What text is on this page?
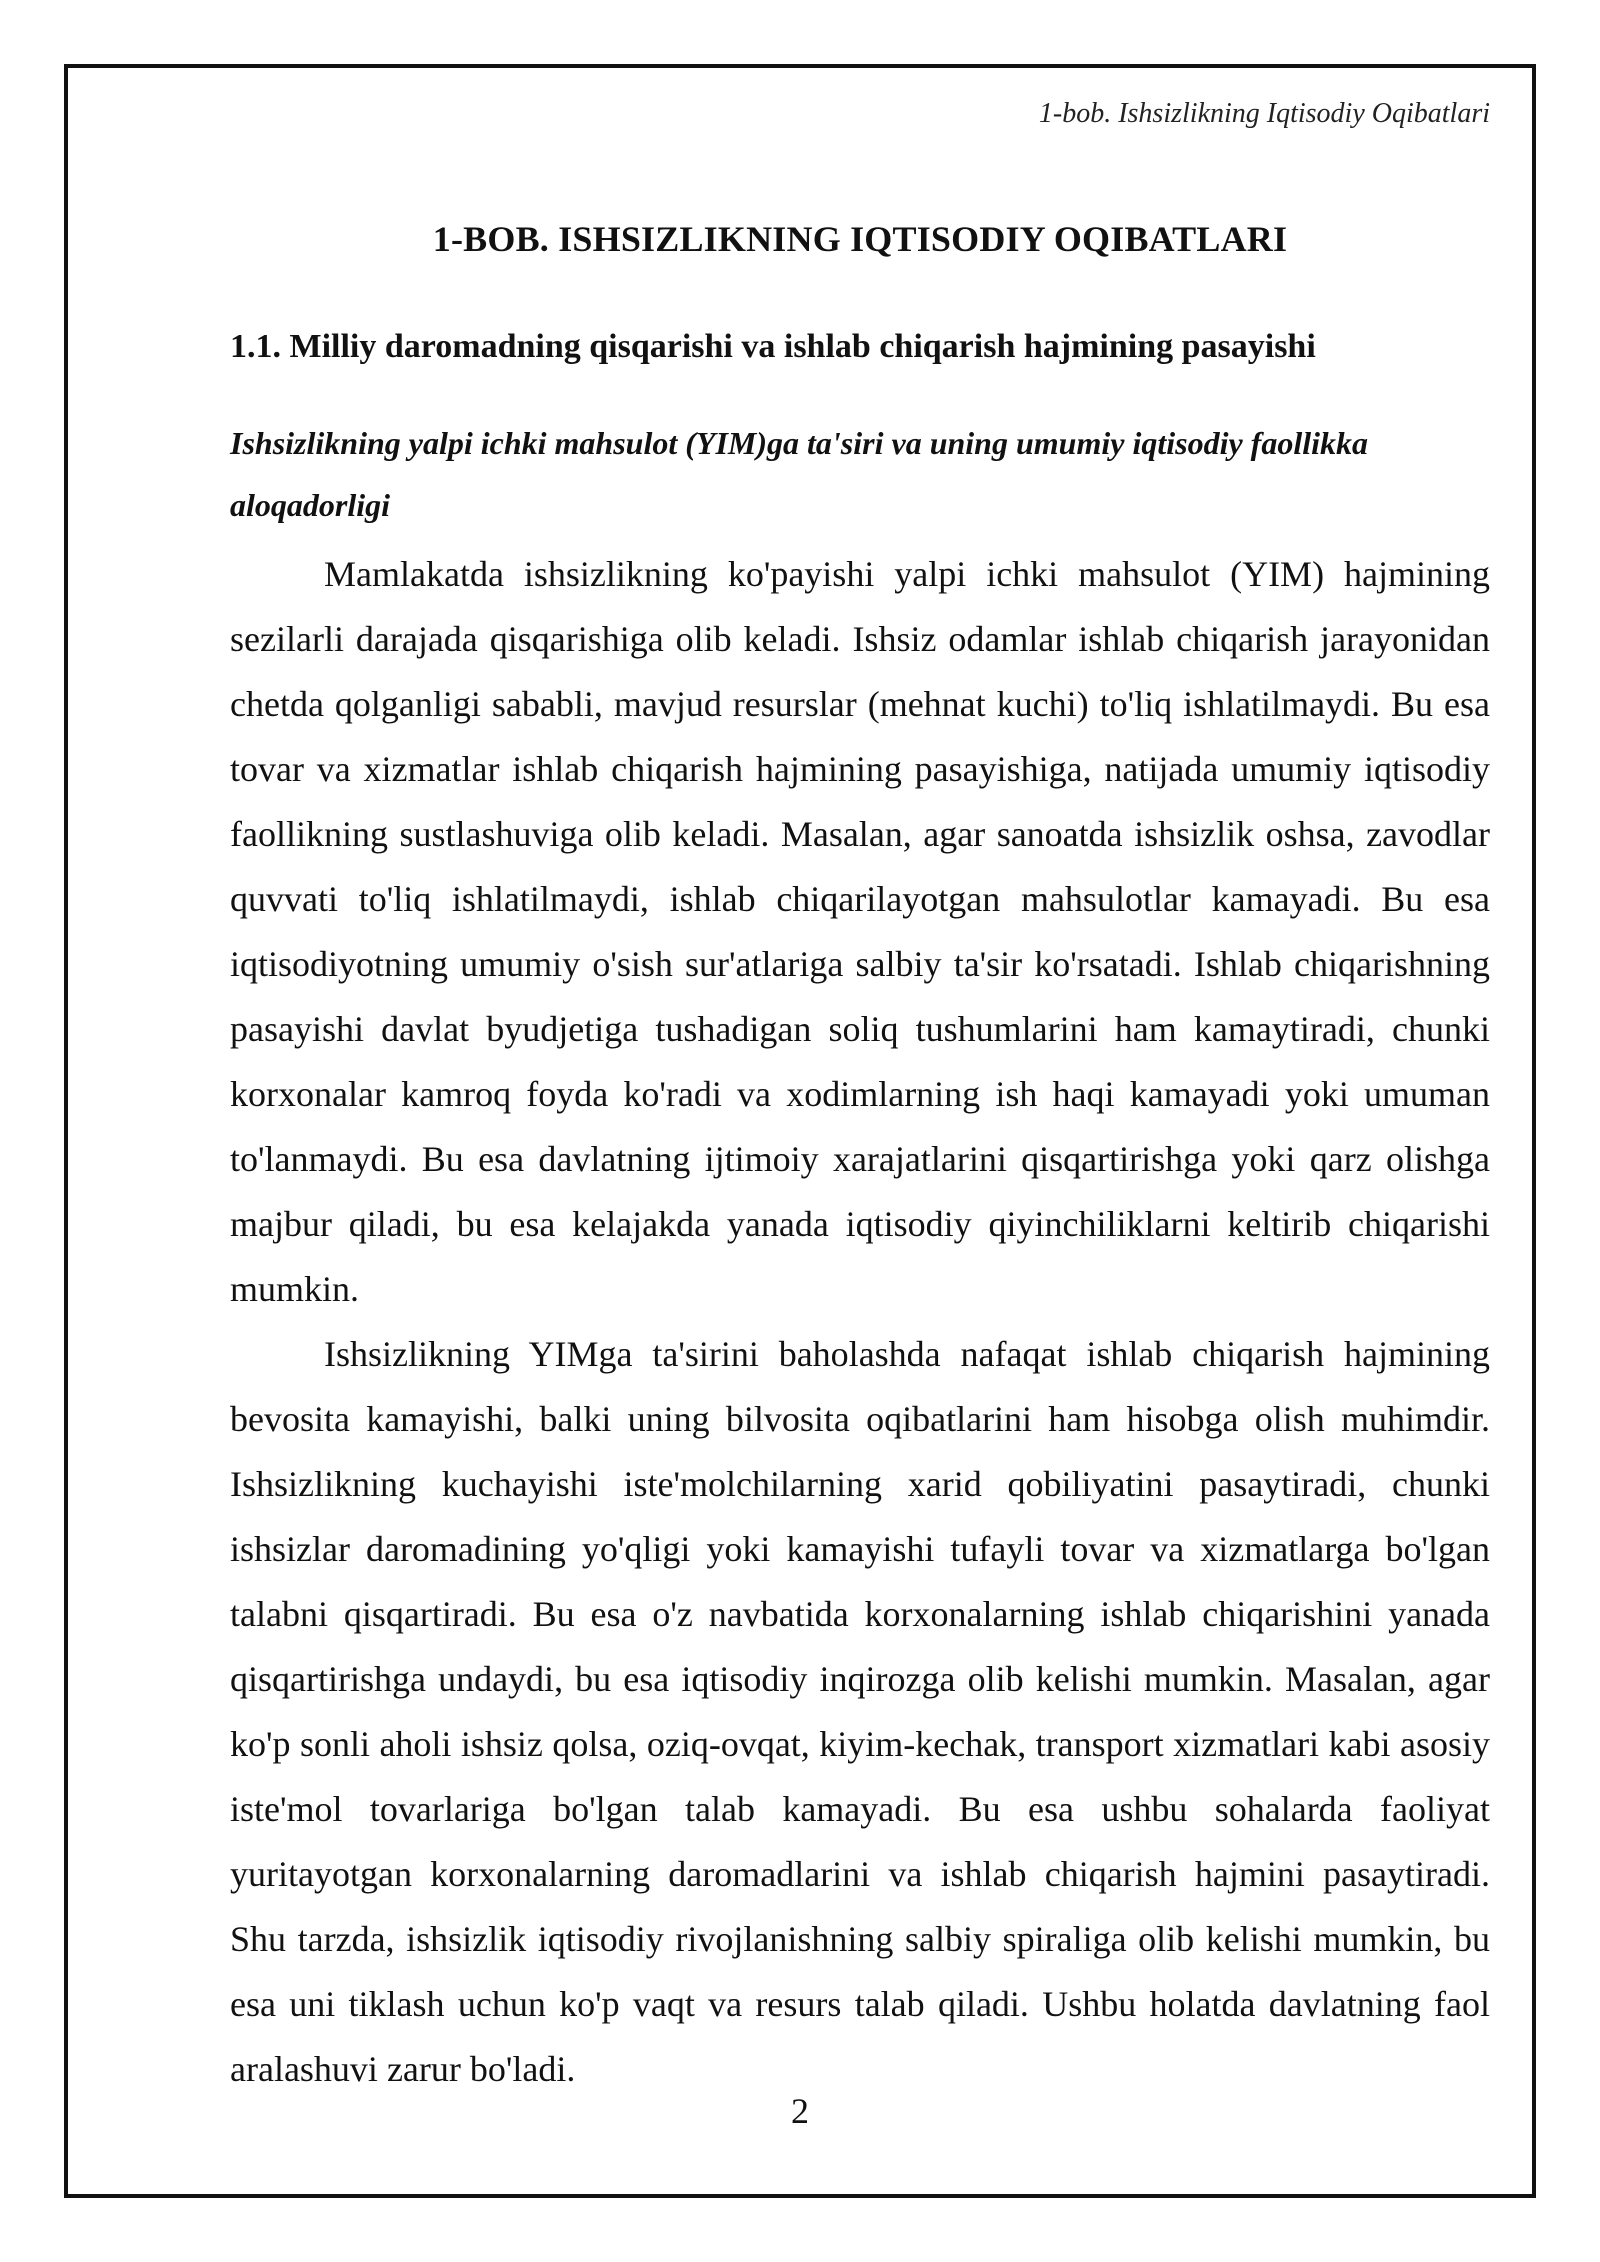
1-bob. Ishsizlikning Iqtisodiy Oqibatlari
1-BOB. ISHSIZLIKNING IQTISODIY OQIBATLARI
1.1. Milliy daromadning qisqarishi va ishlab chiqarish hajmining pasayishi
Ishsizlikning yalpi ichki mahsulot (YIM)ga ta'siri va uning umumiy iqtisodiy faollikka aloqadorligi

Mamlakatda ishsizlikning ko'payishi yalpi ichki mahsulot (YIM) hajmining sezilarli darajada qisqarishiga olib keladi. Ishsiz odamlar ishlab chiqarish jarayonidan chetda qolganligi sababli, mavjud resurslar (mehnat kuchi) to'liq ishlatilmaydi. Bu esa tovar va xizmatlar ishlab chiqarish hajmining pasayishiga, natijada umumiy iqtisodiy faollikning sustlashuviga olib keladi. Masalan, agar sanoatda ishsizlik oshsa, zavodlar quvvati to'liq ishlatilmaydi, ishlab chiqarilayotgan mahsulotlar kamayadi. Bu esa iqtisodiyotning umumiy o'sish sur'atlariga salbiy ta'sir ko'rsatadi. Ishlab chiqarishning pasayishi davlat byudjetiga tushadigan soliq tushumlarini ham kamaytiradi, chunki korxonalar kamroq foyda ko'radi va xodimlarning ish haqi kamayadi yoki umuman to'lanmaydi. Bu esa davlatning ijtimoiy xarajatlarini qisqartirishga yoki qarz olishga majbur qiladi, bu esa kelajakda yanada iqtisodiy qiyinchiliklarni keltirib chiqarishi mumkin.

Ishsizlikning YIMga ta'sirini baholashda nafaqat ishlab chiqarish hajmining bevosita kamayishi, balki uning bilvosita oqibatlarini ham hisobga olish muhimdir. Ishsizlikning kuchayishi iste'molchilarning xarid qobiliyatini pasaytiradi, chunki ishsizlar daromadining yo'qligi yoki kamayishi tufayli tovar va xizmatlarga bo'lgan talabni qisqartiradi. Bu esa o'z navbatida korxonalarning ishlab chiqarishini yanada qisqartirishga undaydi, bu esa iqtisodiy inqirozga olib kelishi mumkin. Masalan, agar ko'p sonli aholi ishsiz qolsa, oziq-ovqat, kiyim-kechak, transport xizmatlari kabi asosiy iste'mol tovarlariga bo'lgan talab kamayadi. Bu esa ushbu sohalarda faoliyat yuritayotgan korxonalarning daromadlarini va ishlab chiqarish hajmini pasaytiradi. Shu tarzda, ishsizlik iqtisodiy rivojlanishning salbiy spiraliga olib kelishi mumkin, bu esa uni tiklash uchun ko'p vaqt va resurs talab qiladi. Ushbu holatda davlatning faol aralashuvi zarur bo'ladi.

2
